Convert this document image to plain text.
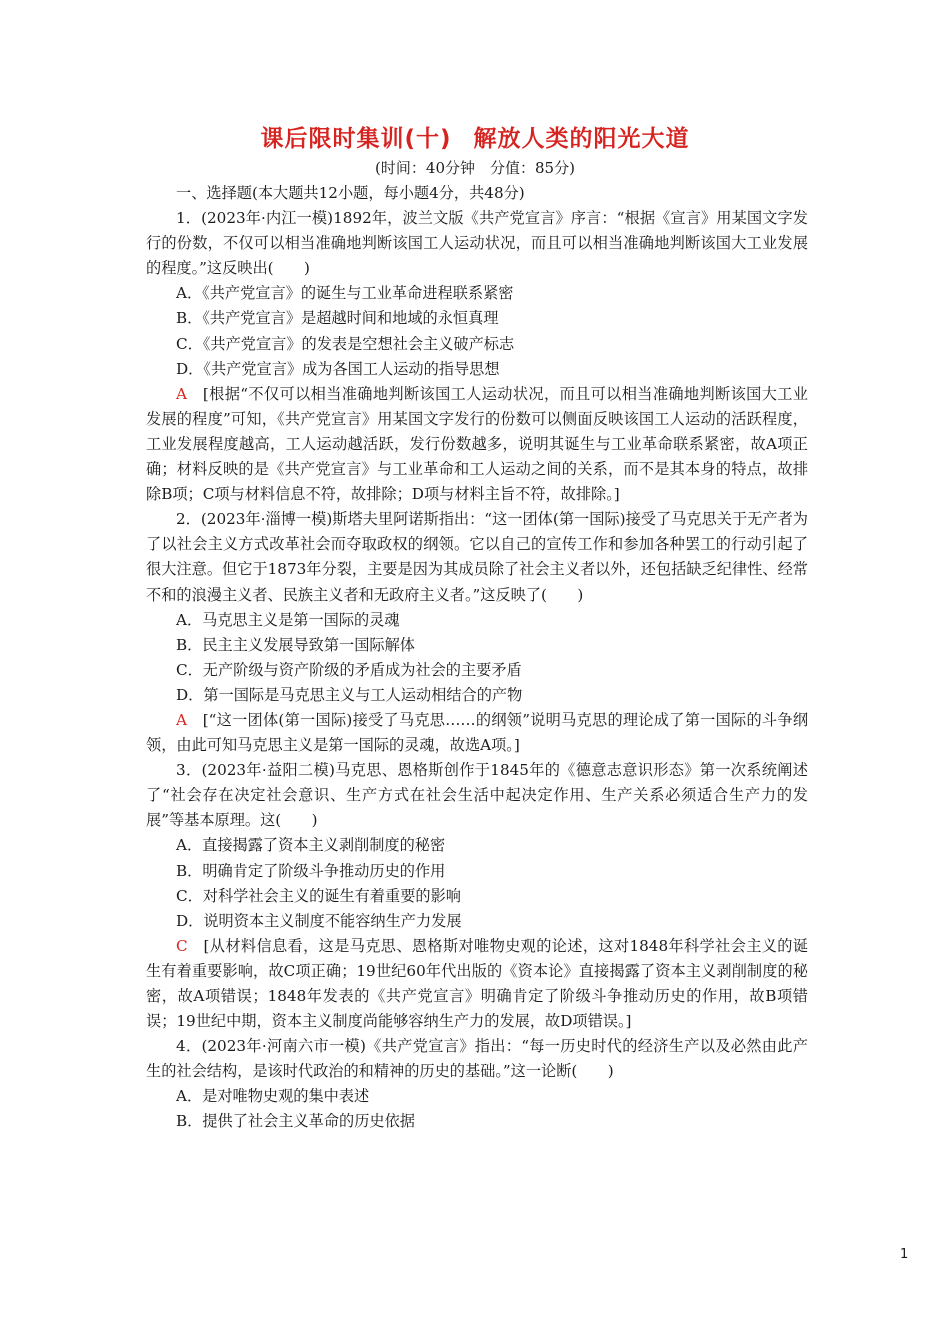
课后限时集训(十) 解放人类的阳光大道
(时间：40分钟　分值：85分)

一、选择题(本大题共12小题，每小题4分，共48分)

1．(2023年·内江一模)1892年，波兰文版《共产党宣言》序言：“根据《宣言》用某国文字发行的份数，不仅可以相当准确地判断该国工人运动状况，而且可以相当准确地判断该国大工业发展的程度。”这反映出(　　)

A．《共产党宣言》的诞生与工业革命进程联系紧密

B．《共产党宣言》是超越时间和地域的永恒真理

C．《共产党宣言》的发表是空想社会主义破产标志

D．《共产党宣言》成为各国工人运动的指导思想

A　 [根据“不仅可以相当准确地判断该国工人运动状况，而且可以相当准确地判断该国大工业发展的程度”可知，《共产党宣言》用某国文字发行的份数可以侧面反映该国工人运动的活跃程度，工业发展程度越高，工人运动越活跃，发行份数越多，说明其诞生与工业革命联系紧密，故A项正确；材料反映的是《共产党宣言》与工业革命和工人运动之间的关系，而不是其本身的特点，故排除B项；C项与材料信息不符，故排除；D项与材料主旨不符，故排除。]

2．(2023年·淄博一模)斯塔夫里阿诺斯指出：“这一团体(第一国际)接受了马克思关于无产者为了以社会主义方式改革社会而夺取政权的纲领。它以自己的宣传工作和参加各种罢工的行动引起了很大注意。但它于1873年分裂，主要是因为其成员除了社会主义者以外，还包括缺乏纪律性、经常不和的浪漫主义者、民族主义者和无政府主义者。”这反映了(　　)

A．马克思主义是第一国际的灵魂

B．民主主义发展导致第一国际解体

C．无产阶级与资产阶级的矛盾成为社会的主要矛盾

D．第一国际是马克思主义与工人运动相结合的产物

A　 [“这一团体(第一国际)接受了马克思……的纲领”说明马克思的理论成了第一国际的斗争纲领，由此可知马克思主义是第一国际的灵魂，故选A项。]

3．(2023年·益阳二模)马克思、恩格斯创作于1845年的《德意志意识形态》第一次系统阐述了“社会存在决定社会意识、生产方式在社会生活中起决定作用、生产关系必须适合生产力的发展”等基本原理。这(　　)

A．直接揭露了资本主义剥削制度的秘密

B．明确肯定了阶级斗争推动历史的作用

C．对科学社会主义的诞生有着重要的影响

D．说明资本主义制度不能容纳生产力发展

C　 [从材料信息看，这是马克思、恩格斯对唯物史观的论述，这对1848年科学社会主义的诞生有着重要影响，故C项正确；19世纪60年代出版的《资本论》直接揭露了资本主义剥削制度的秘密，故A项错误；1848年发表的《共产党宣言》明确肯定了阶级斗争推动历史的作用，故B项错误；19世纪中期，资本主义制度尚能够容纳生产力的发展，故D项错误。]

4．(2023年·河南六市一模)《共产党宣言》指出：“每一历史时代的经济生产以及必然由此产生的社会结构，是该时代政治的和精神的历史的基础。”这一论断(　　)

A．是对唯物史观的集中表述

B．提供了社会主义革命的历史依据

1
